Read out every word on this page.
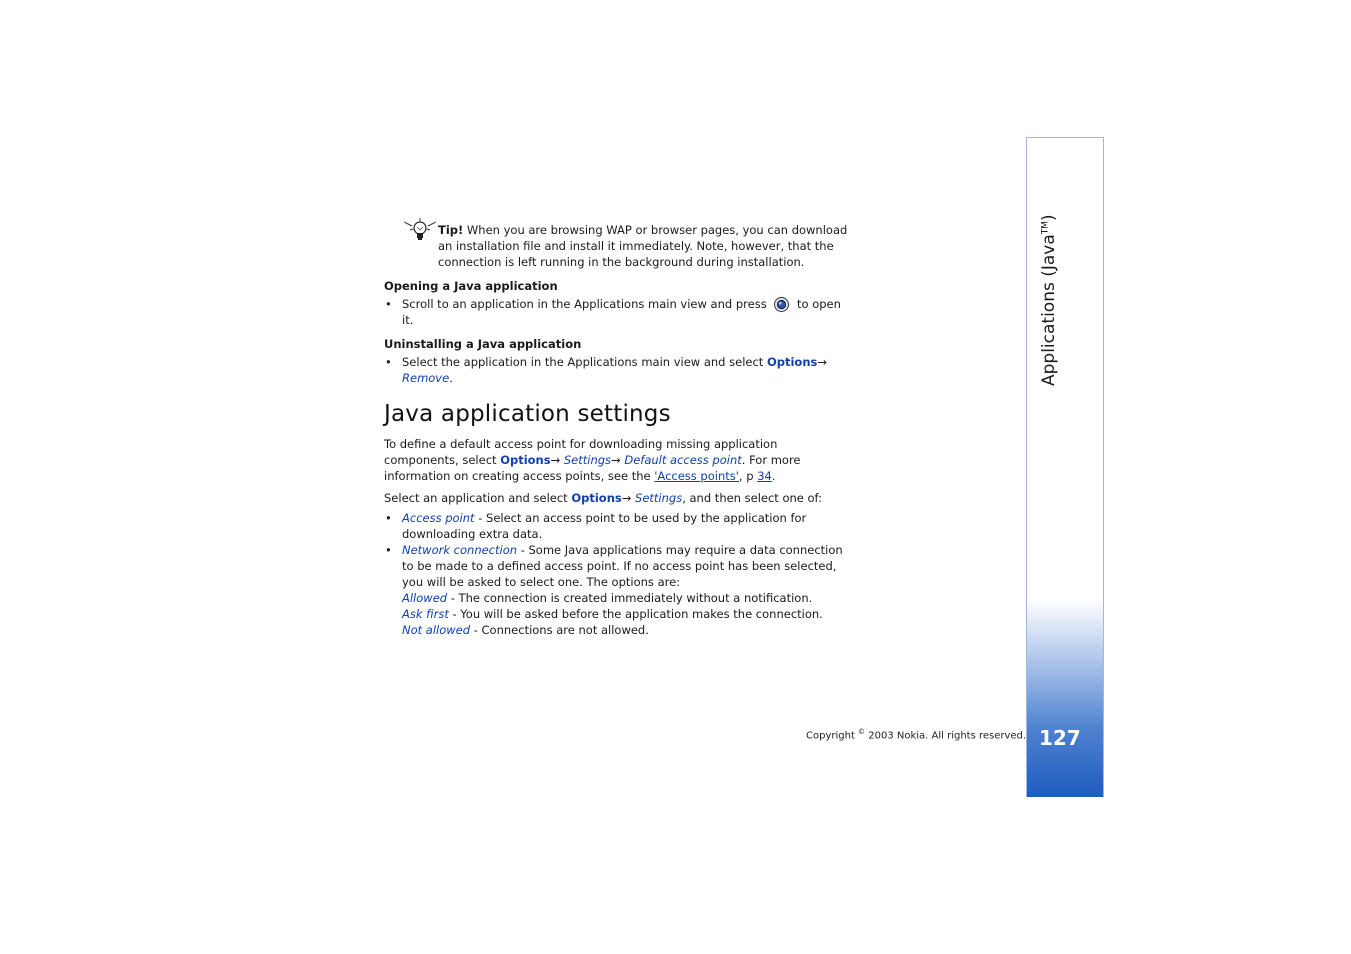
Tip! When you are browsing WAP or browser pages, you can download an installation file and install it immediately. Note, however, that the connection is left running in the background during installation.
Opening a Java application
• Scroll to an application in the Applications main view and press	to open it.
Uninstalling a Java application
• Select the application in the Applications main view and select Options→ Remove.
Java application settings
To define a default access point for downloading missing application components, select Options→ Settings→ Default access point. For more information on creating access points, see the 'Access points', p 34.
Select an application and select Options→ Settings, and then select one of:
• Access point - Select an access point to be used by the application for downloading extra data.
• Network connection - Some Java applications may require a data connection to be made to a defined access point. If no access point has been selected, you will be asked to select one. The options are:
Allowed - The connection is created immediately without a notification.
Ask first - You will be asked before the application makes the connection.
Not allowed - Connections are not allowed.
Copyright © 2003 Nokia. All rights reserved.
Applications (Java™)
127
